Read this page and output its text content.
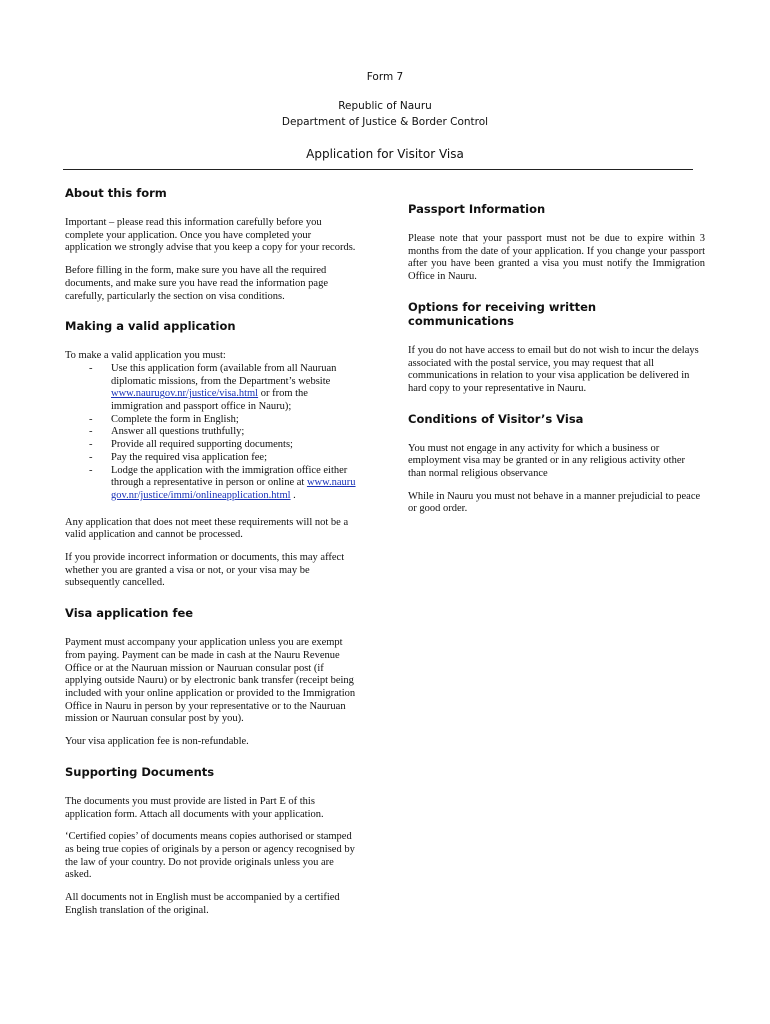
Form 7
Republic of Nauru
Department of Justice & Border Control
Application for Visitor Visa
About this form

Important – please read this information carefully before you complete your application. Once you have completed your application we strongly advise that you keep a copy for your records.

Before filling in the form, make sure you have all the required documents, and make sure you have read the information page carefully, particularly the section on visa conditions.

Making a valid application

To make a valid application you must:

- Use this application form (available from all Nauruan diplomatic missions, from the Department’s website www.naurugov.nr/justice/visa.html or from the immigration and passport office in Nauru);
- Complete the form in English;
- Answer all questions truthfully;
- Provide all required supporting documents;
- Pay the required visa application fee;
- Lodge the application with the immigration office either through a representative in person or online at www.naurugov.nr/justice/immi/onlineapplication.html .

Any application that does not meet these requirements will not be a valid application and cannot be processed.

If you provide incorrect information or documents, this may affect whether you are granted a visa or not, or your visa may be subsequently cancelled.

Visa application fee

Payment must accompany your application unless you are exempt from paying. Payment can be made in cash at the Nauru Revenue Office or at the Nauruan mission or Nauruan consular post (if applying outside Nauru) or by electronic bank transfer (receipt being included with your online application or provided to the Immigration Office in Nauru in person by your representative or to the Nauruan mission or Nauruan consular post by you).

Your visa application fee is non-refundable.

Supporting Documents

The documents you must provide are listed in Part E of this application form. Attach all documents with your application.

‘Certified copies’ of documents means copies authorised or stamped as being true copies of originals by a person or agency recognised by the law of your country. Do not provide originals unless you are asked.

All documents not in English must be accompanied by a certified English translation of the original.

Passport Information

Please note that your passport must not be due to expire within 3 months from the date of your application. If you change your passport after you have been granted a visa you must notify the Immigration Office in Nauru.

Options for receiving written communications

If you do not have access to email but do not wish to incur the delays associated with the postal service, you may request that all communications in relation to your visa application be delivered in hard copy to your representative in Nauru.

Conditions of Visitor’s Visa

You must not engage in any activity for which a business or employment visa may be granted or in any religious activity other than normal religious observance

While in Nauru you must not behave in a manner prejudicial to peace or good order.
